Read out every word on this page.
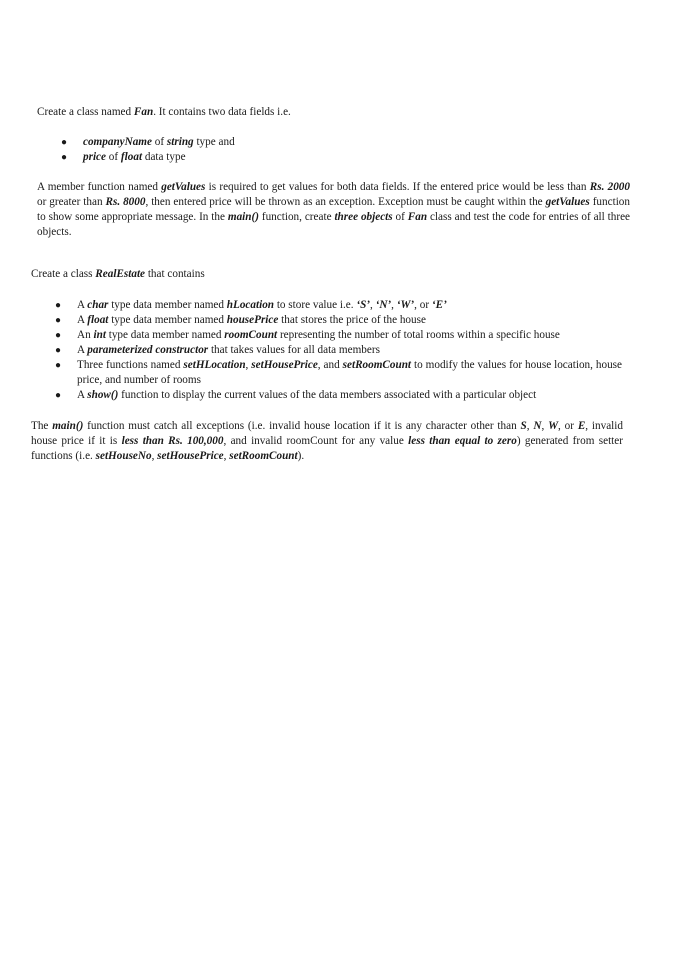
Create a class named Fan. It contains two data fields i.e.

● companyName of string type and
● price of float data type

A member function named getValues is required to get values for both data fields. If the entered price would be less than Rs. 2000 or greater than Rs. 8000, then entered price will be thrown as an exception. Exception must be caught within the getValues function to show some appropriate message. In the main() function, create three objects of Fan class and test the code for entries of all three objects.

Create a class RealEstate that contains

● A char type data member named hLocation to store value i.e. ‘S’, ‘N’, ‘W’, or ‘E’
● A float type data member named housePrice that stores the price of the house
● An int type data member named roomCount representing the number of total rooms within a specific house
● A parameterized constructor that takes values for all data members
● Three functions named setHLocation, setHousePrice, and setRoomCount to modify the values for house location, house price, and number of rooms
● A show() function to display the current values of the data members associated with a particular object

The main() function must catch all exceptions (i.e. invalid house location if it is any character other than S, N, W, or E, invalid house price if it is less than Rs. 100,000, and invalid roomCount for any value less than equal to zero) generated from setter functions (i.e. setHouseNo, setHousePrice, setRoomCount).
